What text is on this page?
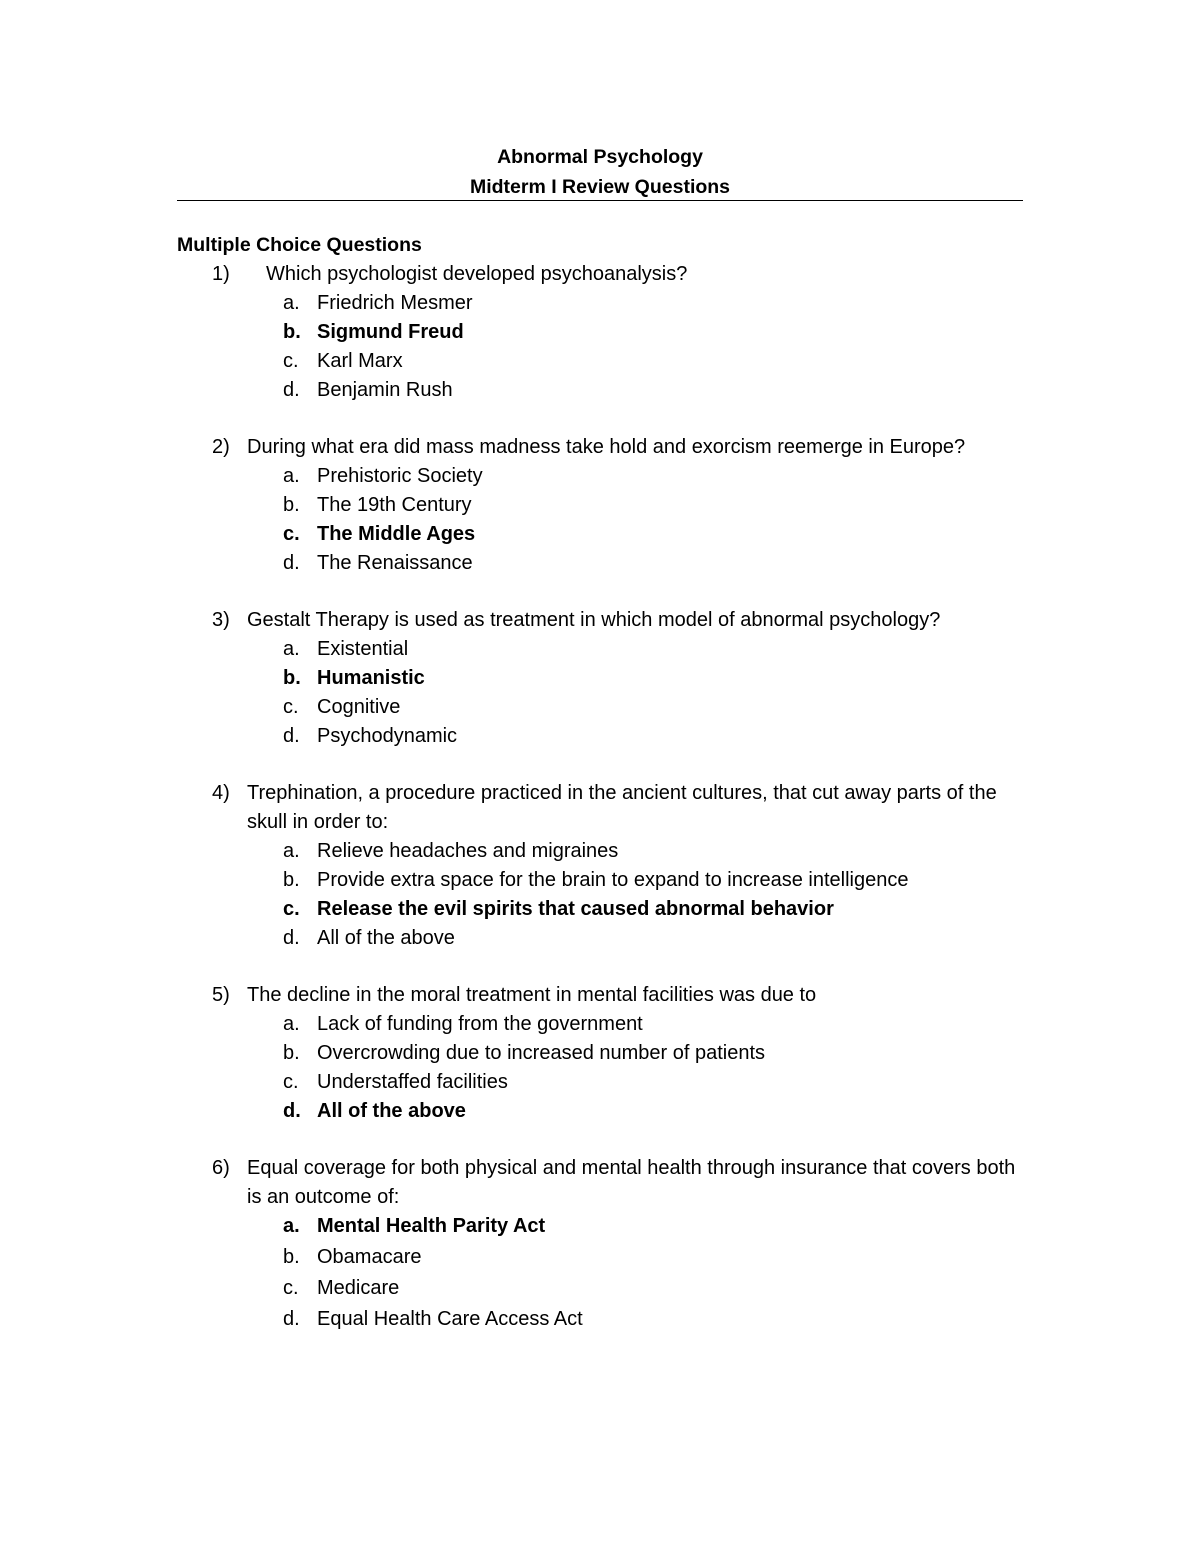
Abnormal Psychology
Midterm I Review Questions
Multiple Choice Questions
1) Which psychologist developed psychoanalysis?
a. Friedrich Mesmer
b. Sigmund Freud
c. Karl Marx
d. Benjamin Rush
2) During what era did mass madness take hold and exorcism reemerge in Europe?
a. Prehistoric Society
b. The 19th Century
c. The Middle Ages
d. The Renaissance
3) Gestalt Therapy is used as treatment in which model of abnormal psychology?
a. Existential
b. Humanistic
c. Cognitive
d. Psychodynamic
4) Trephination, a procedure practiced in the ancient cultures, that cut away parts of the skull in order to:
a. Relieve headaches and migraines
b. Provide extra space for the brain to expand to increase intelligence
c. Release the evil spirits that caused abnormal behavior
d. All of the above
5) The decline in the moral treatment in mental facilities was due to
a. Lack of funding from the government
b. Overcrowding due to increased number of patients
c. Understaffed facilities
d. All of the above
6) Equal coverage for both physical and mental health through insurance that covers both is an outcome of:
a. Mental Health Parity Act
b. Obamacare
c. Medicare
d. Equal Health Care Access Act
